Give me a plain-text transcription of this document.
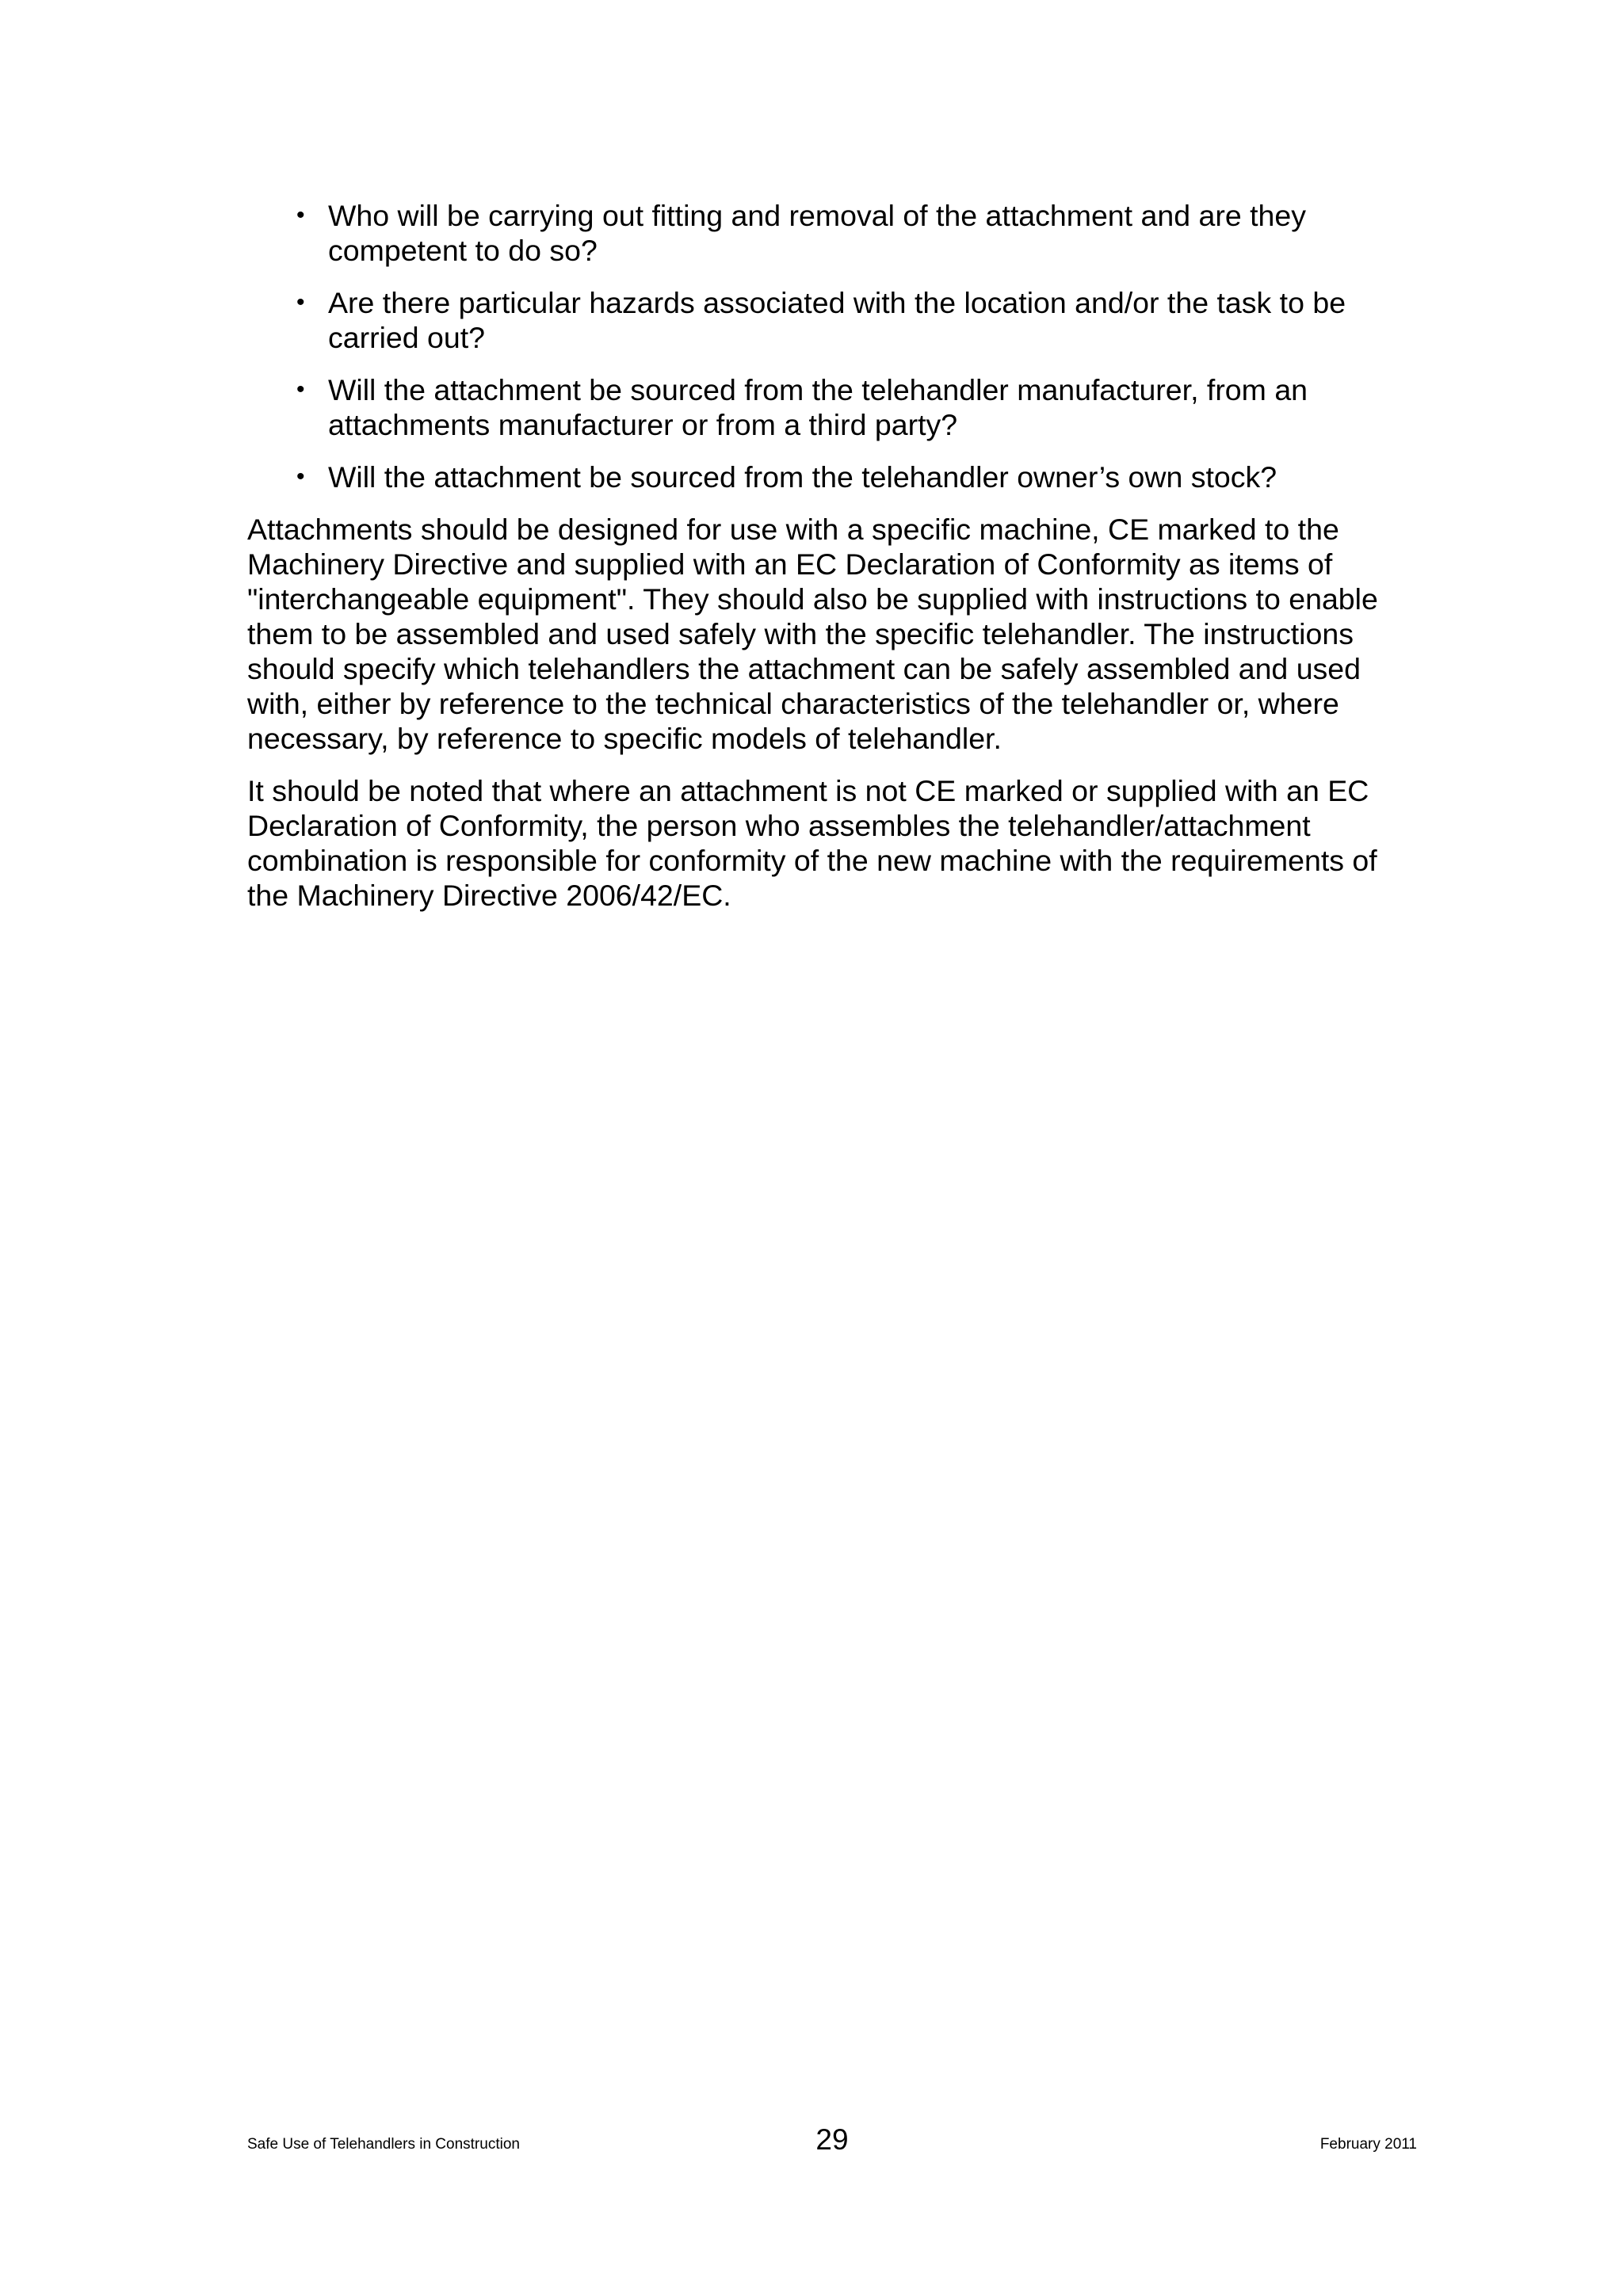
• Who will be carrying out fitting and removal of the attachment and are they competent to do so?
• Are there particular hazards associated with the location and/or the task to be carried out?
• Will the attachment be sourced from the telehandler manufacturer, from an attachments manufacturer or from a third party?
• Will the attachment be sourced from the telehandler owner’s own stock?

Attachments should be designed for use with a specific machine, CE marked to the Machinery Directive and supplied with an EC Declaration of Conformity as items of "interchangeable equipment". They should also be supplied with instructions to enable them to be assembled and used safely with the specific telehandler. The instructions should specify which telehandlers the attachment can be safely assembled and used with, either by reference to the technical characteristics of the telehandler or, where necessary, by reference to specific models of telehandler.

It should be noted that where an attachment is not CE marked or supplied with an EC Declaration of Conformity, the person who assembles the telehandler/attachment combination is responsible for conformity of the new machine with the requirements of the Machinery Directive 2006/42/EC.

Safe Use of Telehandlers in Construction	29	February 2011
